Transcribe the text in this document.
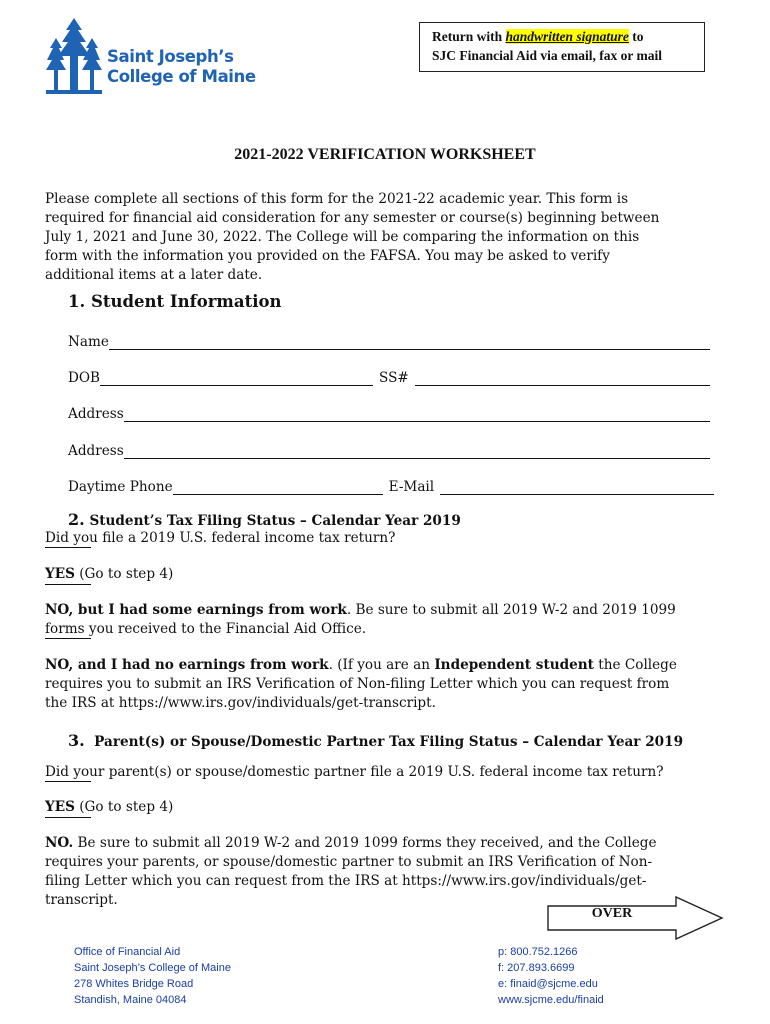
Saint Joseph’s
College of Maine
Return with handwritten signature to
SJC Financial Aid via email, fax or mail
2021-2022 VERIFICATION WORKSHEET
Please complete all sections of this form for the 2021-22 academic year. This form is
required for financial aid consideration for any semester or course(s) beginning between
July 1, 2021 and June 30, 2022. The College will be comparing the information on this
form with the information you provided on the FAFSA. You may be asked to verify
additional items at a later date.
1. Student Information
Name
DOB	SS#
Address
Address
Daytime Phone	E-Mail
2. Student’s Tax Filing Status – Calendar Year 2019
Did you file a 2019 U.S. federal income tax return?
YES (Go to step 4)
NO, but I had some earnings from work. Be sure to submit all 2019 W-2 and 2019 1099
forms you received to the Financial Aid Office.
NO, and I had no earnings from work. (If you are an Independent student the College
requires you to submit an IRS Verification of Non-filing Letter which you can request from
the IRS at https://www.irs.gov/individuals/get-transcript.
3. Parent(s) or Spouse/Domestic Partner Tax Filing Status – Calendar Year 2019
Did your parent(s) or spouse/domestic partner file a 2019 U.S. federal income tax return?
YES (Go to step 4)
NO. Be sure to submit all 2019 W-2 and 2019 1099 forms they received, and the College
requires your parents, or spouse/domestic partner to submit an IRS Verification of Non-
filing Letter which you can request from the IRS at https://www.irs.gov/individuals/get-
transcript.
OVER
Office of Financial Aid
Saint Joseph’s College of Maine
278 Whites Bridge Road
Standish, Maine 04084
p: 800.752.1266
f: 207.893.6699
e: finaid@sjcme.edu
www.sjcme.edu/finaid
